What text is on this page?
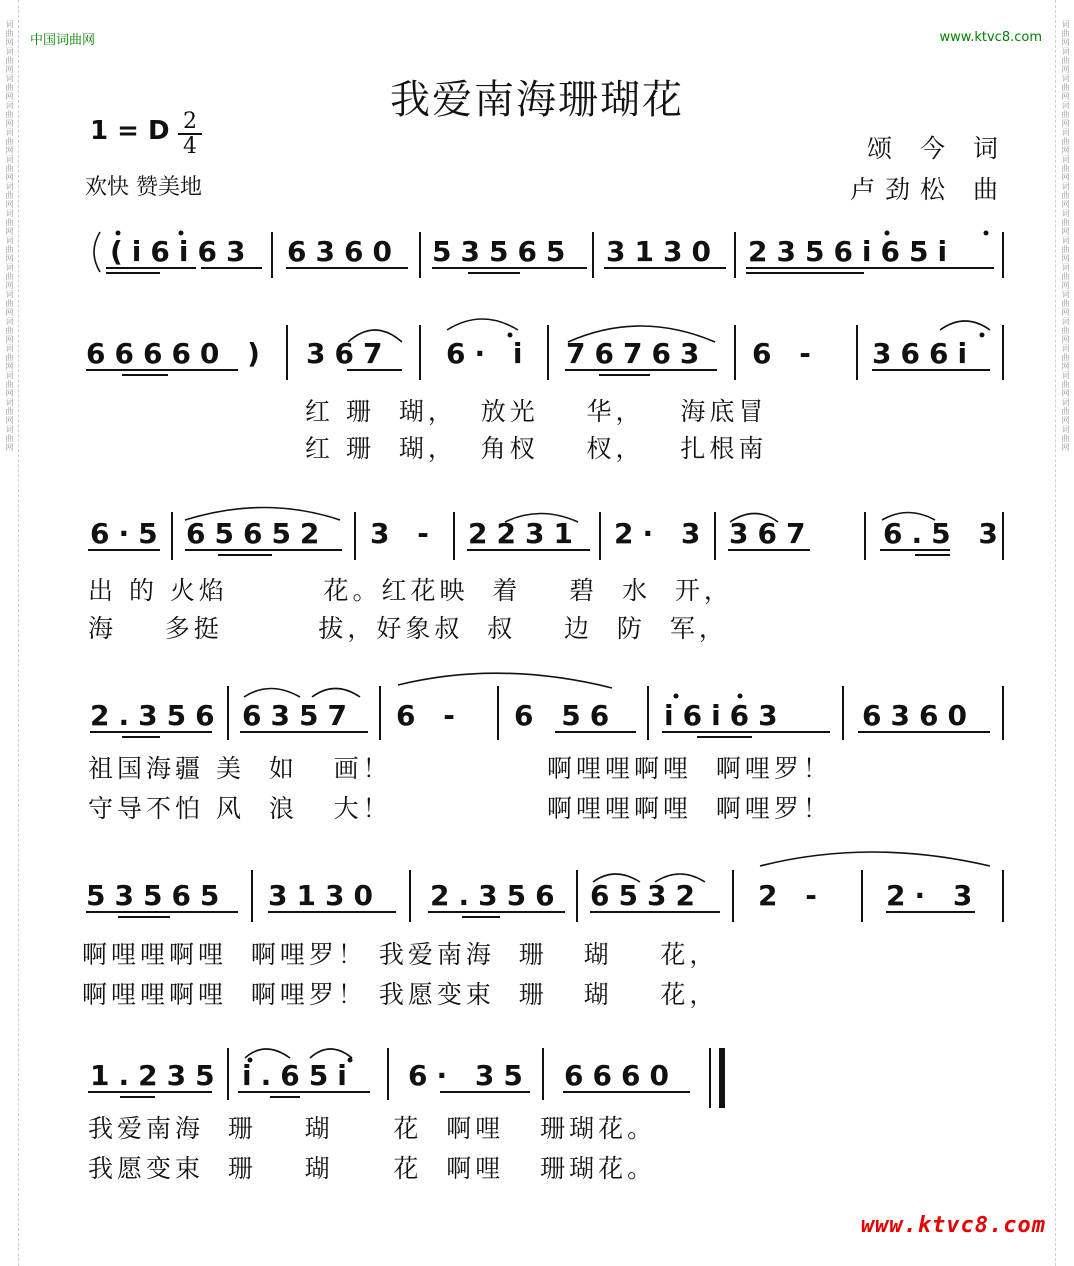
词曲网词曲网词曲网词曲网词曲网词曲网词曲网词曲网词曲网词曲网词曲网词曲网词曲网词曲网词曲网词曲网	词曲网词曲网词曲网词曲网词曲网词曲网词曲网词曲网词曲网词曲网词曲网词曲网词曲网词曲网词曲网词曲网
中国词曲网	www.ktvc8.com
我爱南海珊瑚花
1 = D 2
4
欢快 赞美地
颂 今 词
卢劲松 曲
(i6i63 6360 53565 3130 2356i65i
66660 ) 367 6· i 76763 6 - 366i
红 珊  瑚，  放光    华，   海底冒
红 珊  瑚，  角杈    杈，   扎根南
6·5 65652 3 - 2231 2· 3 367 6.5 3
出 的 火焰        花。红花映  着    碧  水  开，
海    多挺        拔，好象叔  叔    边  防  军，
2.356 6357 6 - 6 56 i6i63	6360
祖国海疆 美  如   画！             啊哩哩啊哩  啊哩罗！
守导不怕 风  浪   大！             啊哩哩啊哩  啊哩罗！
53565 3130 2.356 6532 2 - 2· 3
啊哩哩啊哩  啊哩罗！ 我爱南海  珊   瑚    花，
啊哩哩啊哩  啊哩罗！ 我愿变束  珊   瑚    花，
1.235 i.65i 6· 35 6660
我爱南海  珊    瑚     花  啊哩   珊瑚花。
我愿变束  珊    瑚     花  啊哩   珊瑚花。
www.ktvc8.com
